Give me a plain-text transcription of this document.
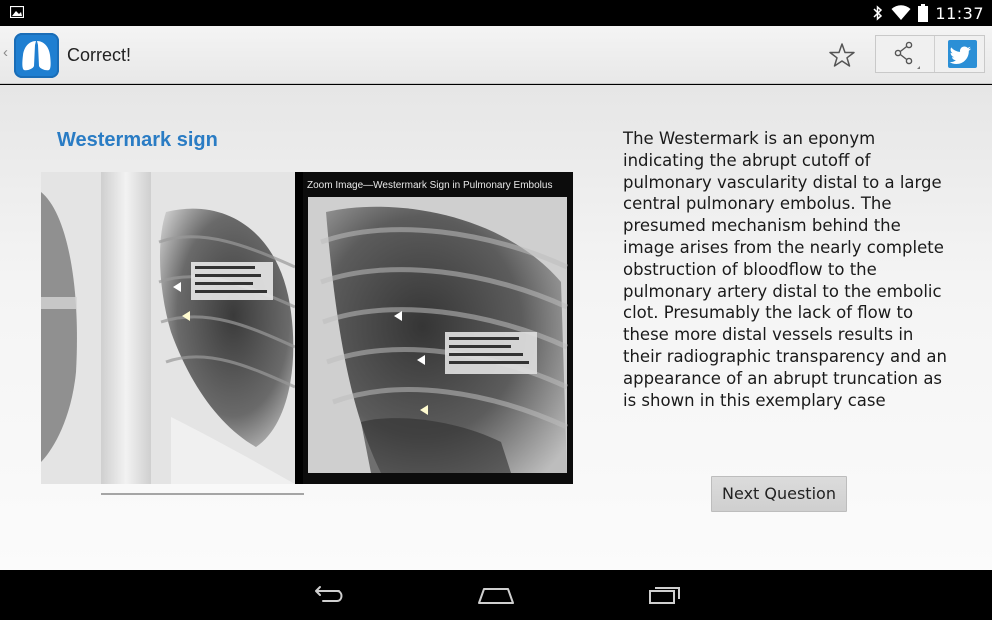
11:37
‹	Correct!
Westermark sign
Zoom Image—Westermark Sign in Pulmonary Embolus
The Westermark is an eponym indicating the abrupt cutoff of pulmonary vascularity distal to a large central pulmonary embolus. The presumed mechanism behind the image arises from the nearly complete obstruction of bloodflow to the pulmonary artery distal to the embolic clot. Presumably the lack of flow to these more distal vessels results in their radiographic transparency and an appearance of an abrupt truncation as is shown in this exemplary case
Next Question
